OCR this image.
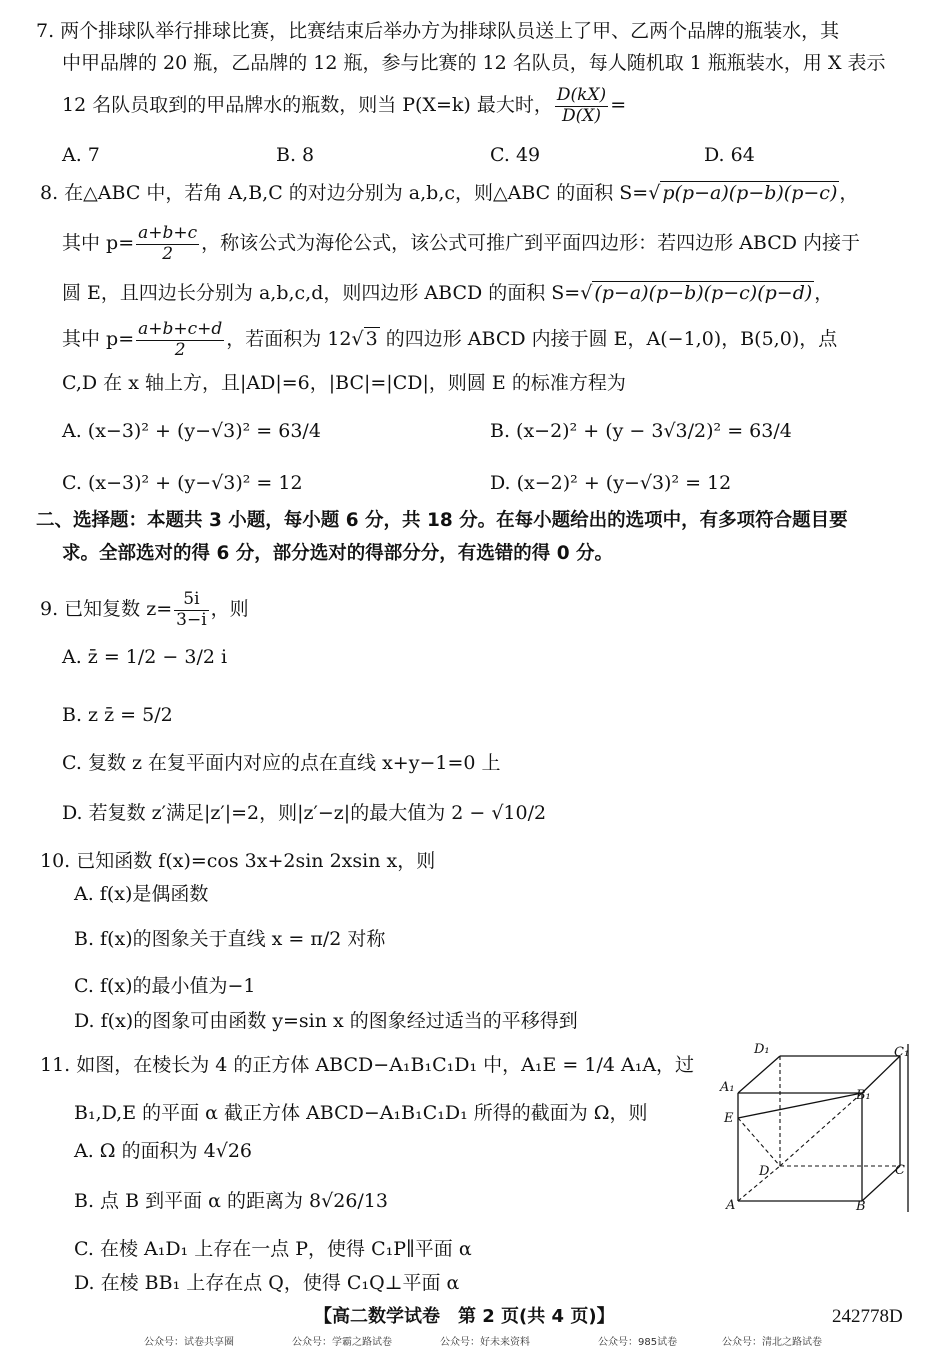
7. 两个排球队举行排球比赛，比赛结束后举办方为排球队员送上了甲、乙两个品牌的瓶装水，其
中甲品牌的 20 瓶，乙品牌的 12 瓶，参与比赛的 12 名队员，每人随机取 1 瓶瓶装水，用 X 表示
12 名队员取到的甲品牌水的瓶数，则当 P(X=k) 最大时， $\frac{D(kX)}{D(X)}$ =
A. 7	B. 8	C. 49	D. 64
8. 在△ABC 中，若角 A,B,C 的对边分别为 a,b,c，则△ABC 的面积 S=√ p(p−a)(p−b)(p−c) ，
其中 $p= \frac{a+b+c}{2}$ ，称该公式为海伦公式，该公式可推广到平面四边形：若四边形 ABCD 内接于
圆 E，且四边长分别为 a,b,c,d，则四边形 ABCD 的面积 S=√ (p−a)(p−b)(p−c)(p−d) ，
其中 $p= \frac{a+b+c+d}{2}$ ，若面积为 12√ 3 的四边形 ABCD 内接于圆 E，A(−1,0)，B(5,0)，点
C,D 在 x 轴上方，且|AD|=6，|BC|=|CD|，则圆 E 的标准方程为
A. (x−3)² + (y−√3)² = 63/4	B. (x−2)² + (y − 3√3/2)² = 63/4
C. (x−3)² + (y−√3)² = 12	D. (x−2)² + (y−√3)² = 12
二、选择题：本题共 3 小题，每小题 6 分，共 18 分。在每小题给出的选项中，有多项符合题目要
求。全部选对的得 6 分，部分选对的得部分分，有选错的得 0 分。
9. 已知复数 $z= \frac{5i}{3-i}$ ，则
A. z̄ = 1/2 − 3/2 i
B. z z̄ = 5/2
C. 复数 z 在复平面内对应的点在直线 x+y−1=0 上
D. 若复数 z′满足|z′|=2，则|z′−z|的最大值为 2 − √10/2
10. 已知函数 f(x)=cos 3x+2sin 2xsin x，则
A. f(x)是偶函数
B. f(x)的图象关于直线 x = π/2 对称
C. f(x)的最小值为−1
D. f(x)的图象可由函数 y=sin x 的图象经过适当的平移得到
11. 如图，在棱长为 4 的正方体 ABCD−A₁B₁C₁D₁ 中，A₁E = 1/4 A₁A，过
B₁,D,E 的平面 α 截正方体 ABCD−A₁B₁C₁D₁ 所得的截面为 Ω，则
A. Ω 的面积为 4√26
B. 点 B 到平面 α 的距离为 8√26/13
C. 在棱 A₁D₁ 上存在一点 P，使得 C₁P∥平面 α
D. 在棱 BB₁ 上存在点 Q，使得 C₁Q⊥平面 α
D₁	C₁
A₁
B₁
E
D	C
A	B
【高二数学试卷　第 2 页(共 4 页)】	242778D
公众号：试卷共享圈	公众号：学霸之路试卷	公众号：好未来资料	公众号：985试卷	公众号：清北之路试卷
